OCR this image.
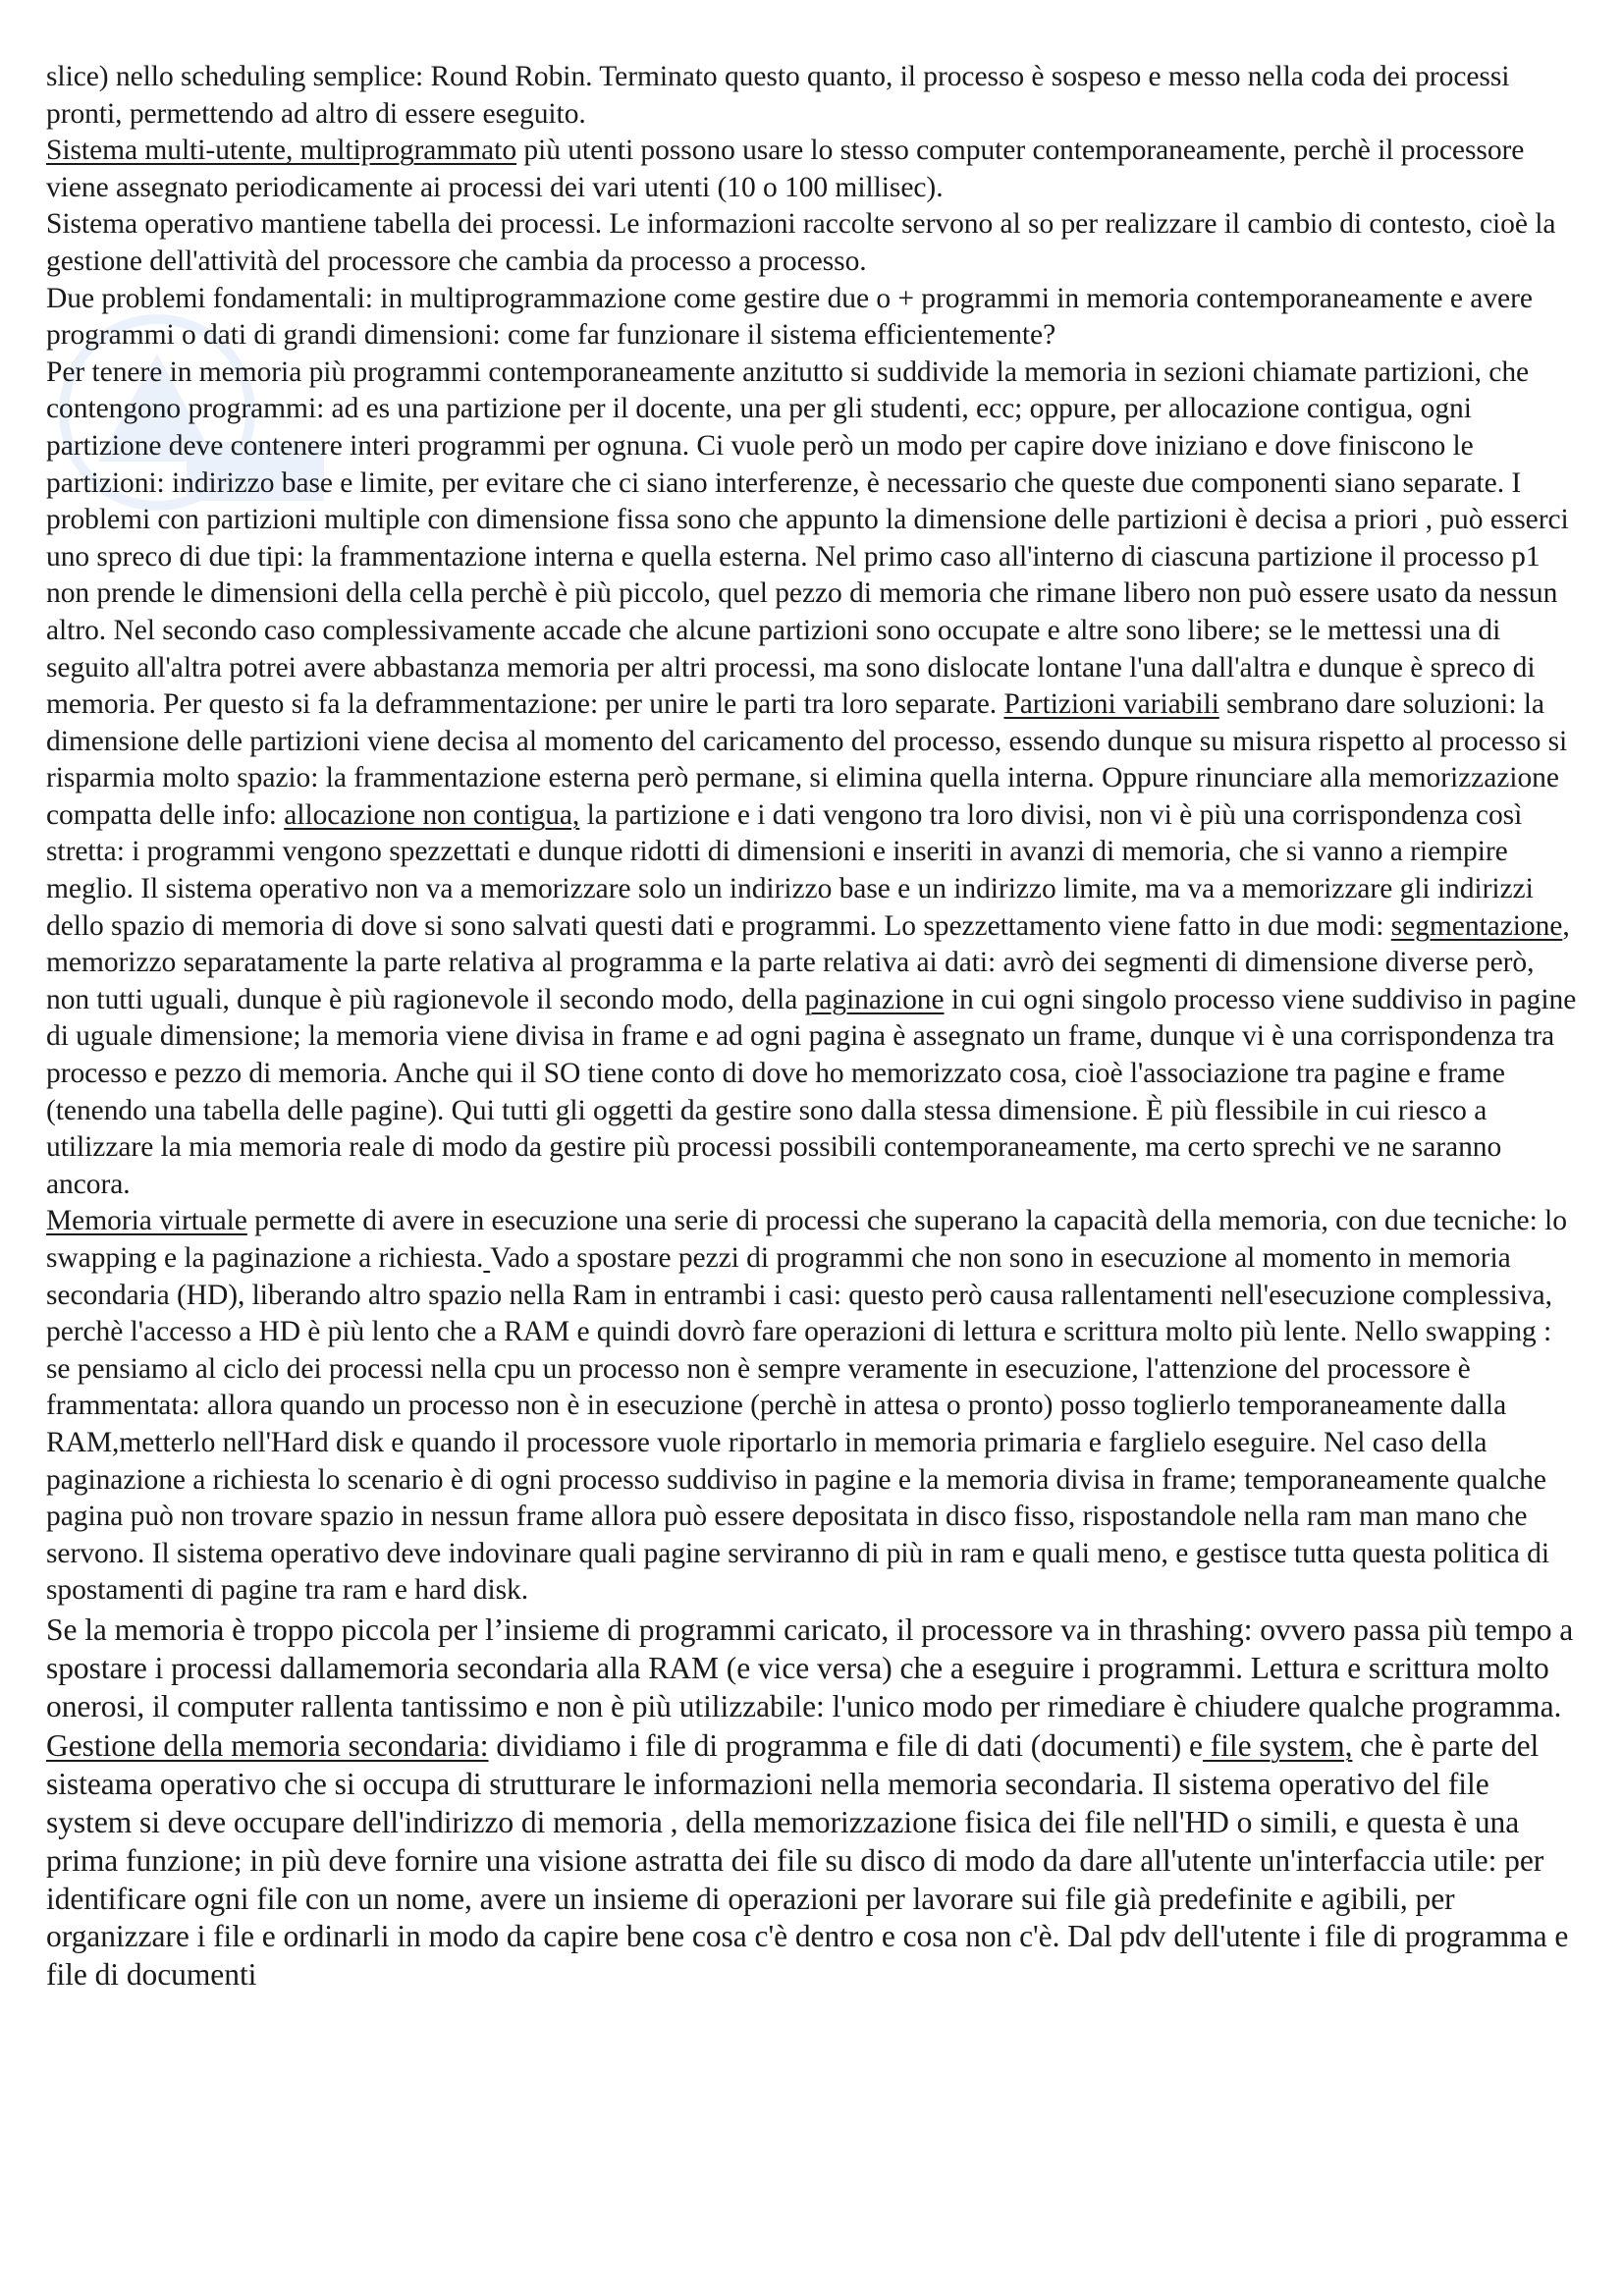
slice) nello scheduling semplice: Round Robin. Terminato questo quanto, il processo è sospeso e messo nella coda dei processi pronti, permettendo ad altro di essere eseguito.

Sistema multi-utente, multiprogrammato più utenti possono usare lo stesso computer contemporaneamente, perchè il processore viene assegnato periodicamente ai processi dei vari utenti (10 o 100 millisec).

Sistema operativo mantiene tabella dei processi. Le informazioni raccolte servono al so per realizzare il cambio di contesto, cioè la gestione dell'attività del processore che cambia da processo a processo.

Due problemi fondamentali: in multiprogrammazione come gestire due o + programmi in memoria contemporaneamente e avere programmi o dati di grandi dimensioni: come far funzionare il sistema efficientemente?

Per tenere in memoria più programmi contemporaneamente anzitutto si suddivide la memoria in sezioni chiamate partizioni, che contengono programmi: ad es una partizione per il docente, una per gli studenti, ecc; oppure, per allocazione contigua, ogni partizione deve contenere interi programmi per ognuna. Ci vuole però un modo per capire dove iniziano e dove finiscono le partizioni: indirizzo base e limite, per evitare che ci siano interferenze, è necessario che queste due componenti siano separate. I problemi con partizioni multiple con dimensione fissa sono che appunto la dimensione delle partizioni è decisa a priori , può esserci uno spreco di due tipi: la frammentazione interna e quella esterna. Nel primo caso all'interno di ciascuna partizione il processo p1 non prende le dimensioni della cella perchè è più piccolo, quel pezzo di memoria che rimane libero non può essere usato da nessun altro. Nel secondo caso complessivamente accade che alcune partizioni sono occupate e altre sono libere; se le mettessi una di seguito all'altra potrei avere abbastanza memoria per altri processi, ma sono dislocate lontane l'una dall'altra e dunque è spreco di memoria. Per questo si fa la deframmentazione: per unire le parti tra loro separate. Partizioni variabili sembrano dare soluzioni: la dimensione delle partizioni viene decisa al momento del caricamento del processo, essendo dunque su misura rispetto al processo si risparmia molto spazio: la frammentazione esterna però permane, si elimina quella interna. Oppure rinunciare alla memorizzazione compatta delle info: allocazione non contigua, la partizione e i dati vengono tra loro divisi, non vi è più una corrispondenza così stretta: i programmi vengono spezzettati e dunque ridotti di dimensioni e inseriti in avanzi di memoria, che si vanno a riempire meglio. Il sistema operativo non va a memorizzare solo un indirizzo base e un indirizzo limite, ma va a memorizzare gli indirizzi dello spazio di memoria di dove si sono salvati questi dati e programmi. Lo spezzettamento viene fatto in due modi: segmentazione, memorizzo separatamente la parte relativa al programma e la parte relativa ai dati: avrò dei segmenti di dimensione diverse però, non tutti uguali, dunque è più ragionevole il secondo modo, della paginazione in cui ogni singolo processo viene suddiviso in pagine di uguale dimensione; la memoria viene divisa in frame e ad ogni pagina è assegnato un frame, dunque vi è una corrispondenza tra processo e pezzo di memoria. Anche qui il SO tiene conto di dove ho memorizzato cosa, cioè l'associazione tra pagine e frame (tenendo una tabella delle pagine). Qui tutti gli oggetti da gestire sono dalla stessa dimensione. È più flessibile in cui riesco a utilizzare la mia memoria reale di modo da gestire più processi possibili contemporaneamente, ma certo sprechi ve ne saranno ancora.

Memoria virtuale permette di avere in esecuzione una serie di processi che superano la capacità della memoria, con due tecniche: lo swapping e la paginazione a richiesta. Vado a spostare pezzi di programmi che non sono in esecuzione al momento in memoria secondaria (HD), liberando altro spazio nella Ram in entrambi i casi: questo però causa rallentamenti nell'esecuzione complessiva, perchè l'accesso a HD è più lento che a RAM e quindi dovrò fare operazioni di lettura e scrittura molto più lente. Nello swapping : se pensiamo al ciclo dei processi nella cpu un processo non è sempre veramente in esecuzione, l'attenzione del processore è frammentata: allora quando un processo non è in esecuzione (perchè in attesa o pronto) posso toglierlo temporaneamente dalla RAM,metterlo nell'Hard disk e quando il processore vuole riportarlo in memoria primaria e farglielo eseguire. Nel caso della paginazione a richiesta lo scenario è di ogni processo suddiviso in pagine e la memoria divisa in frame; temporaneamente qualche pagina può non trovare spazio in nessun frame allora può essere depositata in disco fisso, rispostandole nella ram man mano che servono. Il sistema operativo deve indovinare quali pagine serviranno di più in ram e quali meno, e gestisce tutta questa politica di spostamenti di pagine tra ram e hard disk.

Se la memoria è troppo piccola per l’insieme di programmi caricato, il processore va in thrashing: ovvero passa più tempo a spostare i processi dallamemoria secondaria alla RAM (e vice versa) che a eseguire i programmi. Lettura e scrittura molto onerosi, il computer rallenta tantissimo e non è più utilizzabile: l'unico modo per rimediare è chiudere qualche programma.

Gestione della memoria secondaria: dividiamo i file di programma e file di dati (documenti) e file system, che è parte del sisteama operativo che si occupa di strutturare le informazioni nella memoria secondaria. Il sistema operativo del file system si deve occupare dell'indirizzo di memoria , della memorizzazione fisica dei file nell'HD o simili, e questa è una prima funzione; in più deve fornire una visione astratta dei file su disco di modo da dare all'utente un'interfaccia utile: per identificare ogni file con un nome, avere un insieme di operazioni per lavorare sui file già predefinite e agibili, per organizzare i file e ordinarli in modo da capire bene cosa c'è dentro e cosa non c'è. Dal pdv dell'utente i file di programma e file di documenti
